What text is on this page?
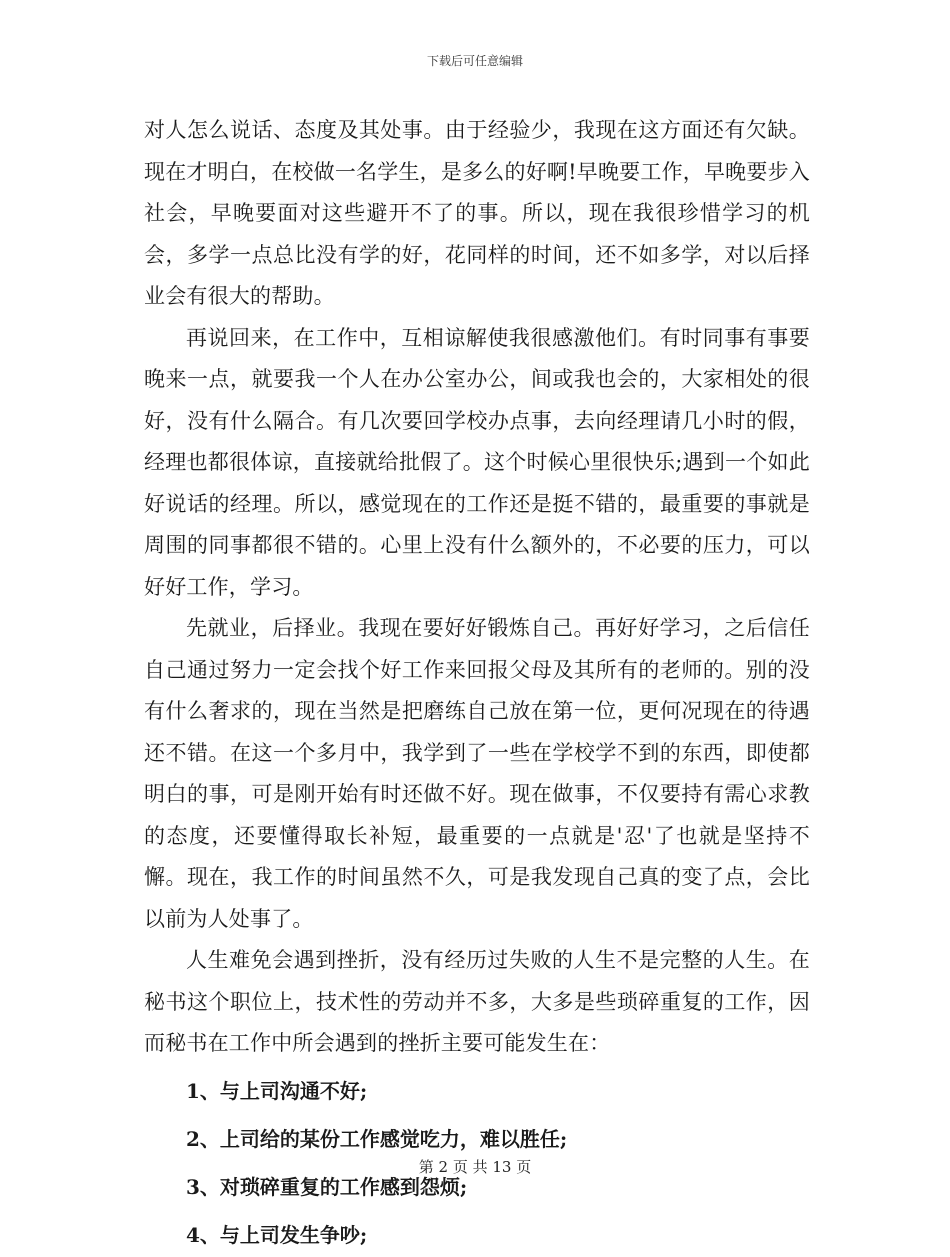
下载后可任意编辑

对人怎么说话、态度及其处事。由于经验少，我现在这方面还有欠缺。现在才明白，在校做一名学生，是多么的好啊!早晚要工作，早晚要步入社会，早晚要面对这些避开不了的事。所以，现在我很珍惜学习的机会，多学一点总比没有学的好，花同样的时间，还不如多学，对以后择业会有很大的帮助。

再说回来，在工作中，互相谅解使我很感激他们。有时同事有事要晚来一点，就要我一个人在办公室办公，间或我也会的，大家相处的很好，没有什么隔合。有几次要回学校办点事，去向经理请几小时的假，经理也都很体谅，直接就给批假了。这个时候心里很快乐;遇到一个如此好说话的经理。所以，感觉现在的工作还是挺不错的，最重要的事就是周围的同事都很不错的。心里上没有什么额外的，不必要的压力，可以好好工作，学习。

先就业，后择业。我现在要好好锻炼自己。再好好学习，之后信任自己通过努力一定会找个好工作来回报父母及其所有的老师的。别的没有什么奢求的，现在当然是把磨练自己放在第一位，更何况现在的待遇还不错。在这一个多月中，我学到了一些在学校学不到的东西，即使都明白的事，可是刚开始有时还做不好。现在做事，不仅要持有需心求教的态度，还要懂得取长补短，最重要的一点就是'忍'了也就是坚持不懈。现在，我工作的时间虽然不久，可是我发现自己真的变了点，会比以前为人处事了。

人生难免会遇到挫折，没有经历过失败的人生不是完整的人生。在秘书这个职位上，技术性的劳动并不多，大多是些琐碎重复的工作，因而秘书在工作中所会遇到的挫折主要可能发生在：

1、与上司沟通不好;
2、上司给的某份工作感觉吃力，难以胜任;
3、对琐碎重复的工作感到怨烦;
4、与上司发生争吵;
第 2 页 共 13 页
